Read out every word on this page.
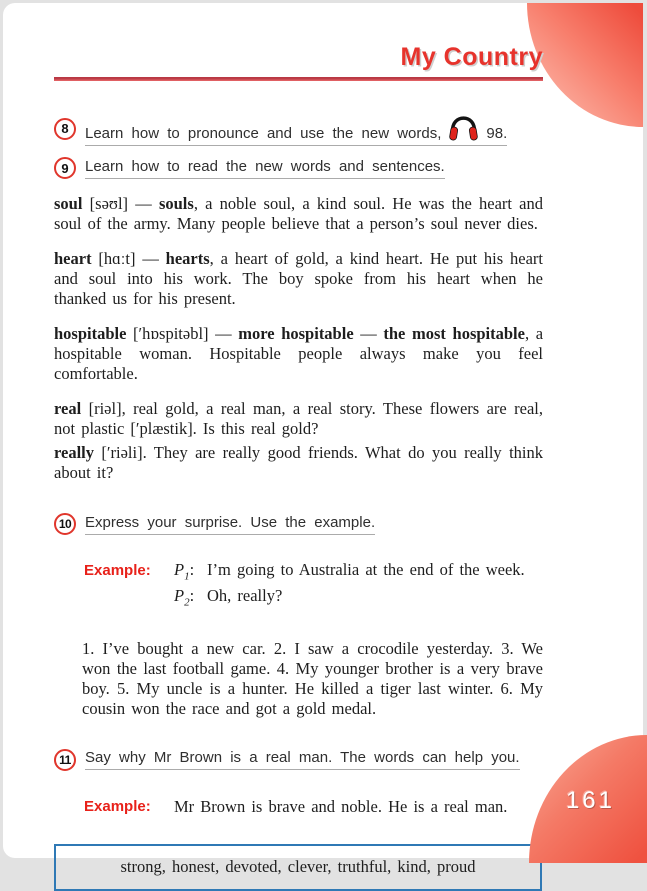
My Country
8	Learn how to pronounce and use the new words,	98.
9	Learn how to read the new words and sentences.

soul [səʊl] — souls, a noble soul, a kind soul. He was the heart and soul of the army. Many people believe that a person’s soul never dies.

heart [hɑːt] — hearts, a heart of gold, a kind heart. He put his heart and soul into his work. The boy spoke from his heart when he thanked us for his present.

hospitable [ʹhɒspitəbl] — more hospitable — the most hospitable, a hospitable woman. Hospitable people always make you feel comfortable.

real [riəl], real gold, a real man, a real story. These flowers are real, not plastic [ʹplæstik]. Is this real gold?

really [ʹriəli]. They are really good friends. What do you really think about it?

10 Express your surprise. Use the example.
Example:	$P_1$: I’m going to Australia at the end of the week.
$P_2$: Oh, really?

1. I’ve bought a new car. 2. I saw a crocodile yesterday. 3. We won the last football game. 4. My younger brother is a very brave boy. 5. My uncle is a hunter. He killed a tiger last winter. 6. My cousin won the race and got a gold medal.

11 Say why Mr Brown is a real man. The words can help you.
Example:	Mr Brown is brave and noble. He is a real man.
strong, honest, devoted, clever, truthful, kind, proud
161
